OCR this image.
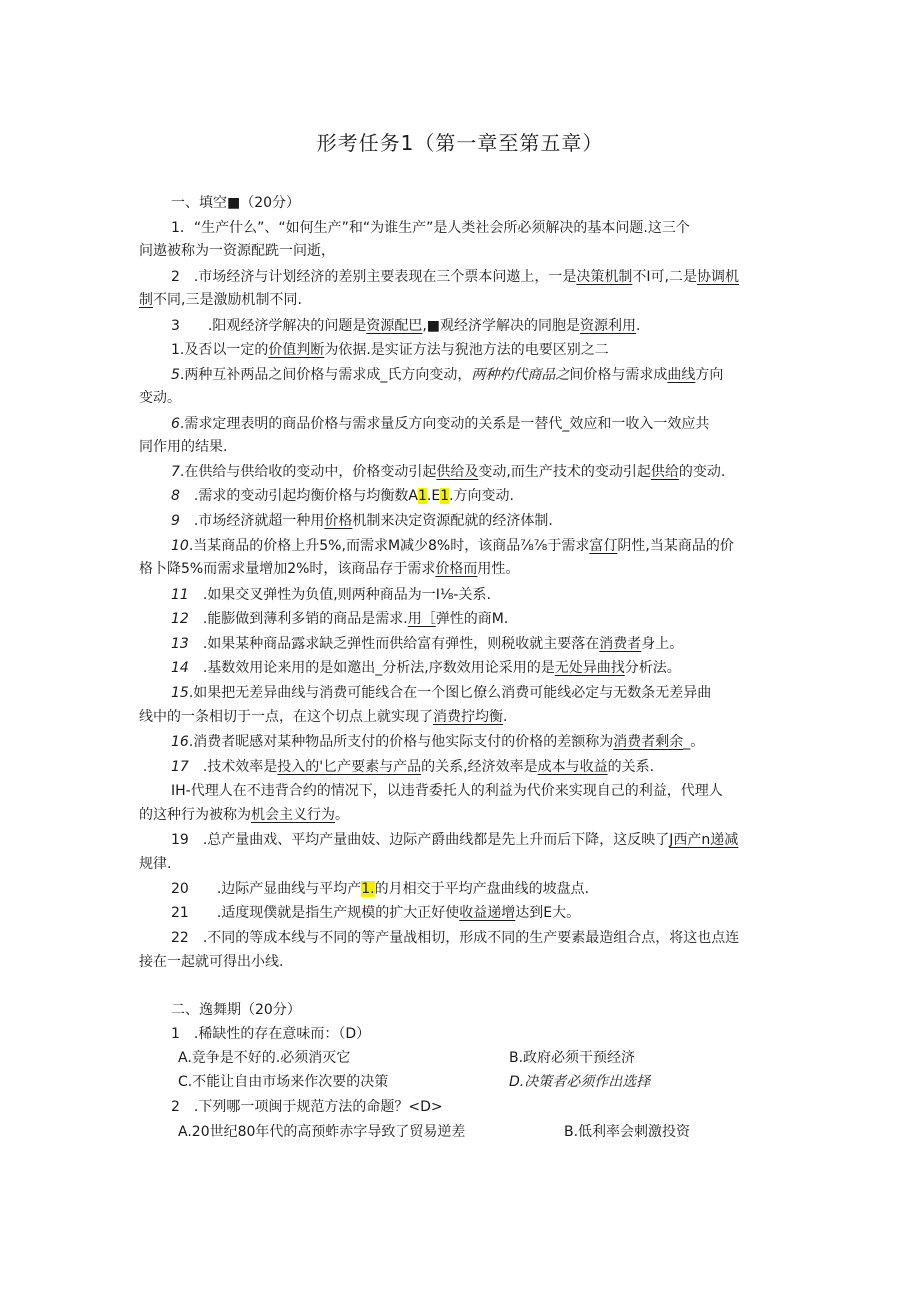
形考任务1（第一章至第五章）
一、填空■（20分）
1．“生产什么”、“如何生产”和“为谁生产”是人类社会所必须解决的基本问题.这三个
问遨被称为一资源配跣一问逝，
2　.市场经济与计划经济的差别主要表现在三个票本问遨上，一是决策机制不I可,二是协调机
制不同,三是激励机制不同.
3　　.阳观经济学解决的问题是资源配巴,■观经济学解决的同胞是资源利用.
1.及否以一定的价值判断为依据.是实证方法与猊池方法的电要区别之二
5.两种互补两品之间价格与需求成_氏方向变动，两种杓代商品之间价格与需求成曲线方向
变动。
6.需求定理表明的商品价格与需求量反方向变动的关系是一替代_效应和一收入一效应共
同作用的结果.
7.在供给与供给收的变动中，价格变动引起供给及变动,而生产技术的变动引起供给的变动.
8　.需求的变动引起均衡价格与均衡数A1.E1.方向变动.
9　.市场经济就超一种用价格机制来决定资源配就的经济体制.
10.当某商品的价格上升5%,而需求M减少8%时，该商品⅞⅞于需求富仃阴性,当某商品的价
格卜降5%而需求量增加2%时，该商品存于需求价格而用性。
11　.如果交叉弹性为负值,则两种商品为一I⅛-关系.
12　.能膨做到薄利多销的商品是需求.用［弹性的商M.
13　.如果某种商品露求缺乏弹性而供给富有弹性，则税收就主要落在消费者身上。
14　.基数效用论来用的是如邀出_分析法,序数效用论采用的是无处异曲找分析法。
15.如果把无差异曲线与消费可能线合在一个图匕僚么消费可能线必定与无数条无差异曲
线中的一条相切于一点，在这个切点上就实现了消费拧均衡.
16.消费者昵感对某种物品所支付的价格与他实际支付的价格的差额称为消费者剩余_。
17　.技术效率是投入的'匕产要素与产品的关系,经济效率是成本与收益的关系.
IH-代理人在不违背合约的情况下，以违背委托人的利益为代价来实现自己的利益，代理人
的这种行为被称为机会主义行为。
19　.总产量曲戏、平均产量曲妓、边际产爵曲线都是先上升而后下降，这反映了J西产n递减
规律.
20　　.边际产显曲线与平均产1.的月相交于平均产盘曲线的坡盘点.
21　　.适度现僕就是指生产规模的扩大正好使收益递增达到E大。
22　.不同的等成本线与不同的等产量战相切，形成不同的生产要素最造组合点，将这也点连
接在一起就可得出小线.
二、逸舞期（20分）
1　.稀缺性的存在意味而：（D）
A.竞争是不好的.必须消灭它	B.政府必须干预经济
C.不能让自由市场来作次要的决策	D.决策者必须作出选择
2　.下列哪一项闽于规范方法的命题？<D>
A.20世纪80年代的高预蚱赤字导致了贸易逆差	B.低利率会刺激投资
